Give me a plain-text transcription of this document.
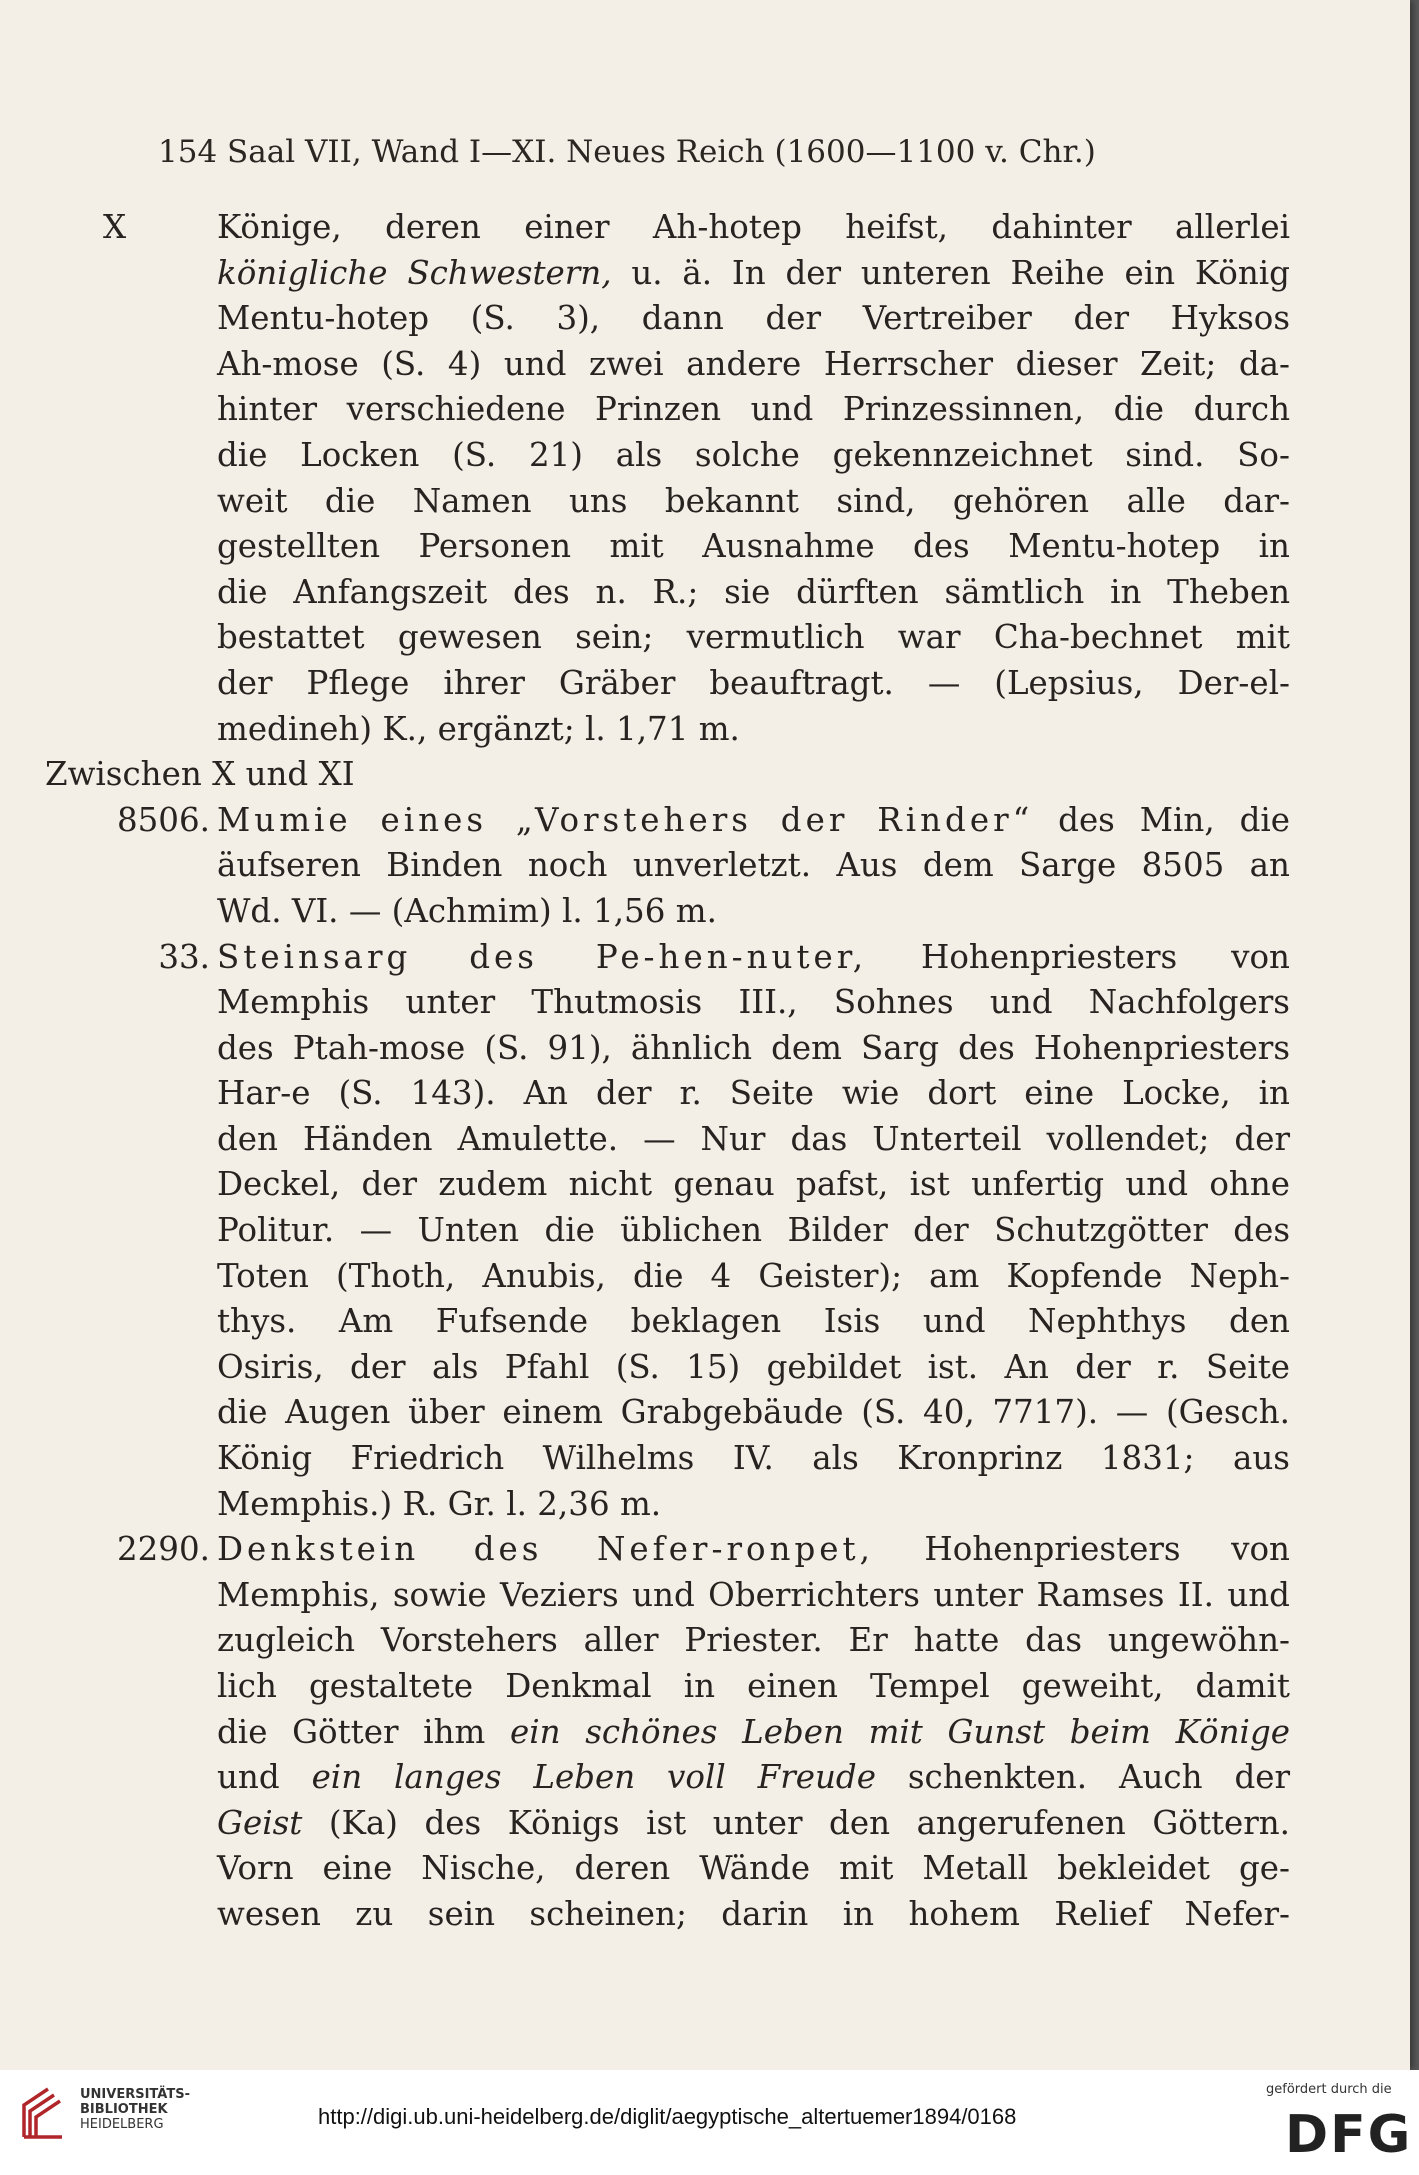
154 Saal VII, Wand I—XI. Neues Reich (1600—1100 v. Chr.)
X	Könige, deren einer Ah-hotep heifst, dahinter allerlei
königliche Schwestern, u. ä. In der unteren Reihe ein König
Mentu-hotep (S. 3), dann der Vertreiber der Hyksos
Ah-mose (S. 4) und zwei andere Herrscher dieser Zeit; da-
hinter verschiedene Prinzen und Prinzessinnen, die durch
die Locken (S. 21) als solche gekennzeichnet sind. So-
weit die Namen uns bekannt sind, gehören alle dar-
gestellten Personen mit Ausnahme des Mentu-hotep in
die Anfangszeit des n. R.; sie dürften sämtlich in Theben
bestattet gewesen sein; vermutlich war Cha-bechnet mit
der Pflege ihrer Gräber beauftragt. — (Lepsius, Der-el-
medineh) K., ergänzt; l. 1,71 m.
Zwischen X und XI
8506. Mumie eines „Vorstehers der Rinder“ des Min, die
äufseren Binden noch unverletzt. Aus dem Sarge 8505 an
Wd. VI. — (Achmim) l. 1,56 m.
33. Steinsarg des Pe-hen-nuter, Hohenpriesters von
Memphis unter Thutmosis III., Sohnes und Nachfolgers
des Ptah-mose (S. 91), ähnlich dem Sarg des Hohenpriesters
Har-e (S. 143). An der r. Seite wie dort eine Locke, in
den Händen Amulette. — Nur das Unterteil vollendet; der
Deckel, der zudem nicht genau pafst, ist unfertig und ohne
Politur. — Unten die üblichen Bilder der Schutzgötter des
Toten (Thoth, Anubis, die 4 Geister); am Kopfende Neph-
thys. Am Fufsende beklagen Isis und Nephthys den
Osiris, der als Pfahl (S. 15) gebildet ist. An der r. Seite
die Augen über einem Grabgebäude (S. 40, 7717). — (Gesch.
König Friedrich Wilhelms IV. als Kronprinz 1831; aus
Memphis.) R. Gr. l. 2,36 m.
2290. Denkstein des Nefer-ronpet, Hohenpriesters von
Memphis, sowie Veziers und Oberrichters unter Ramses II. und
zugleich Vorstehers aller Priester. Er hatte das ungewöhn-
lich gestaltete Denkmal in einen Tempel geweiht, damit
die Götter ihm ein schönes Leben mit Gunst beim Könige
und ein langes Leben voll Freude schenkten. Auch der
Geist (Ka) des Königs ist unter den angerufenen Göttern.
Vorn eine Nische, deren Wände mit Metall bekleidet ge-
wesen zu sein scheinen; darin in hohem Relief Nefer-
UNIVERSITÄTS-
BIBLIOTHEK
HEIDELBERG	http://digi.ub.uni-heidelberg.de/diglit/aegyptische_altertuemer1894/0168
gefördert durch die
DFG
